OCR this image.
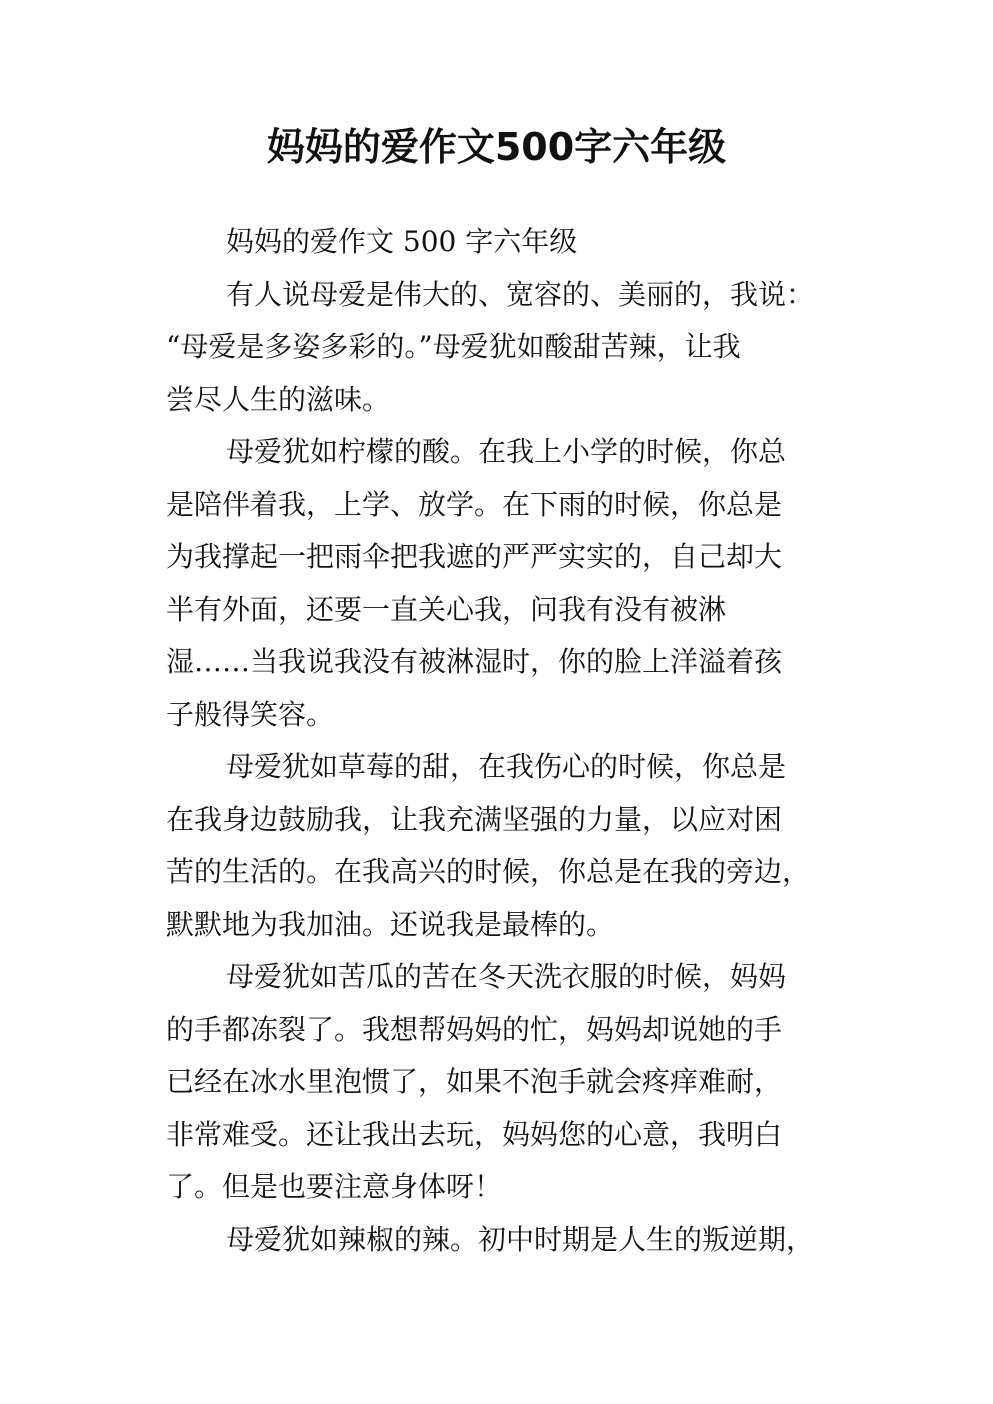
妈妈的爱作文500字六年级
妈妈的爱作文 500 字六年级
有人说母爱是伟大的、宽容的、美丽的，我说：
“母爱是多姿多彩的。”母爱犹如酸甜苦辣，让我
尝尽人生的滋味。
母爱犹如柠檬的酸。在我上小学的时候，你总
是陪伴着我，上学、放学。在下雨的时候，你总是
为我撑起一把雨伞把我遮的严严实实的，自己却大
半有外面，还要一直关心我，问我有没有被淋
湿……当我说我没有被淋湿时，你的脸上洋溢着孩
子般得笑容。
母爱犹如草莓的甜，在我伤心的时候，你总是
在我身边鼓励我，让我充满坚强的力量，以应对困
苦的生活的。在我高兴的时候，你总是在我的旁边，
默默地为我加油。还说我是最棒的。
母爱犹如苦瓜的苦在冬天洗衣服的时候，妈妈
的手都冻裂了。我想帮妈妈的忙，妈妈却说她的手
已经在冰水里泡惯了，如果不泡手就会疼痒难耐，
非常难受。还让我出去玩，妈妈您的心意，我明白
了。但是也要注意身体呀！
母爱犹如辣椒的辣。初中时期是人生的叛逆期，
